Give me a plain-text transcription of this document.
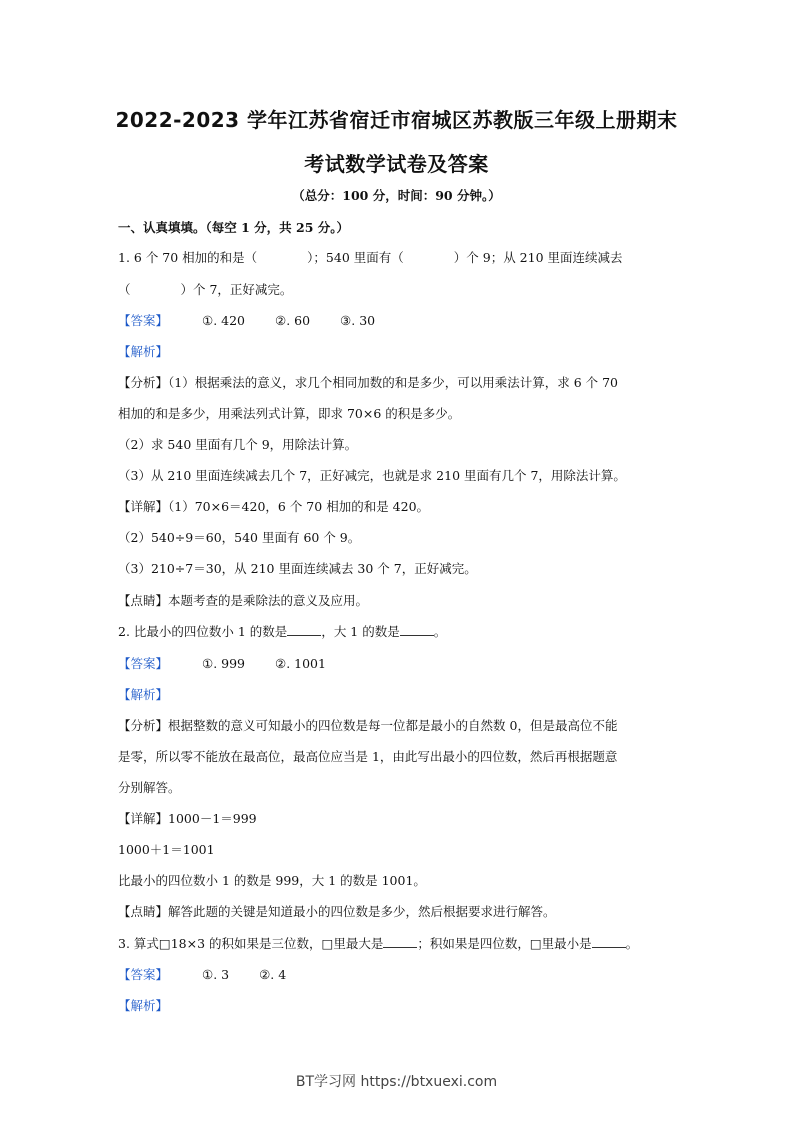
2022-2023 学年江苏省宿迁市宿城区苏教版三年级上册期末
考试数学试卷及答案
（总分：100 分，时间：90 分钟。）
一、认真填填。（每空 1 分，共 25 分。）
1. 6 个 70 相加的和是（　　　　）；540 里面有（　　　　）个 9；从 210 里面连续减去
（　　　　）个 7，正好减完。
【答案】	①. 420 ②. 60 ③. 30
【解析】
【分析】（1）根据乘法的意义，求几个相同加数的和是多少，可以用乘法计算，求 6 个 70
相加的和是多少，用乘法列式计算，即求 70×6 的积是多少。
（2）求 540 里面有几个 9，用除法计算。
（3）从 210 里面连续减去几个 7，正好减完，也就是求 210 里面有几个 7，用除法计算。
【详解】（1）70×6＝420，6 个 70 相加的和是 420。
（2）540÷9＝60，540 里面有 60 个 9。
（3）210÷7＝30，从 210 里面连续减去 30 个 7，正好减完。
【点睛】本题考查的是乘除法的意义及应用。
2. 比最小的四位数小 1 的数是	，大 1 的数是	。
【答案】	①. 999 ②. 1001
【解析】
【分析】根据整数的意义可知最小的四位数是每一位都是最小的自然数 0，但是最高位不能
是零，所以零不能放在最高位，最高位应当是 1，由此写出最小的四位数，然后再根据题意
分别解答。
【详解】1000－1＝999
1000＋1＝1001
比最小的四位数小 1 的数是 999，大 1 的数是 1001。
【点睛】解答此题的关键是知道最小的四位数是多少，然后根据要求进行解答。
3. 算式□18×3 的积如果是三位数，□里最大是	；积如果是四位数，□里最小是	。
【答案】	①. 3 ②. 4
【解析】
BT学习网 https://btxuexi.com
